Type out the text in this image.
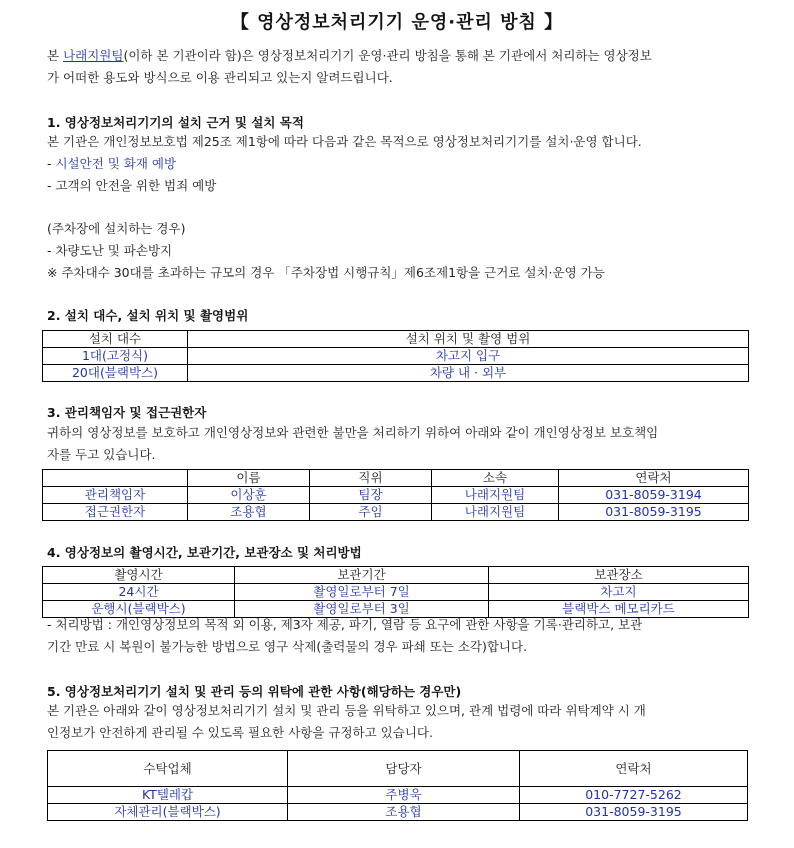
【 영상정보처리기기 운영·관리 방침 】
본 나래지원팀(이하 본 기관이라 함)은 영상정보처리기기 운영·관리 방침을 통해 본 기관에서 처리하는 영상정보
가 어떠한 용도와 방식으로 이용 관리되고 있는지 알려드립니다.
1. 영상정보처리기기의 설치 근거 및 설치 목적
본 기관은 개인정보보호법 제25조 제1항에 따라 다음과 같은 목적으로 영상정보처리기기를 설치·운영 합니다.
- 시설안전 및 화재 예방
- 고객의 안전을 위한 범죄 예방
(주차장에 설치하는 경우)
- 차량도난 및 파손방지
※ 주차대수 30대를 초과하는 규모의 경우 「주차장법 시행규칙」제6조제1항을 근거로 설치·운영 가능
2. 설치 대수, 설치 위치 및 촬영범위
설치 대수	설치 위치 및 촬영 범위
1대(고정식)	차고지 입구
20대(블랙박스)	차량 내 · 외부
3. 관리책임자 및 접근권한자
귀하의 영상정보를 보호하고 개인영상정보와 관련한 불만을 처리하기 위하여 아래와 같이 개인영상정보 보호책임
자를 두고 있습니다.
	이름	직위	소속	연락처
관리책임자	이상훈	팀장	나래지원팀	031-8059-3194
접근권한자	조용협	주임	나래지원팀	031-8059-3195
4. 영상정보의 촬영시간, 보관기간, 보관장소 및 처리방법
촬영시간	보관기간	보관장소
24시간	촬영일로부터 7일	차고지
운행시(블랙박스)	촬영일로부터 3일	블랙박스 메모리카드
- 처리방법 : 개인영상정보의 목적 외 이용, 제3자 제공, 파기, 열람 등 요구에 관한 사항을 기록·관리하고, 보관
기간 만료 시 복원이 불가능한 방법으로 영구 삭제(출력물의 경우 파쇄 또는 소각)합니다.
5. 영상정보처리기기 설치 및 관리 등의 위탁에 관한 사항(해당하는 경우만)
본 기관은 아래와 같이 영상정보처리기기 설치 및 관리 등을 위탁하고 있으며, 관계 법령에 따라 위탁계약 시 개
인정보가 안전하게 관리될 수 있도록 필요한 사항을 규정하고 있습니다.
수탁업체	담당자	연락처
KT텔레캅	주병욱	010-7727-5262
자체관리(블랙박스)	조용협	031-8059-3195
